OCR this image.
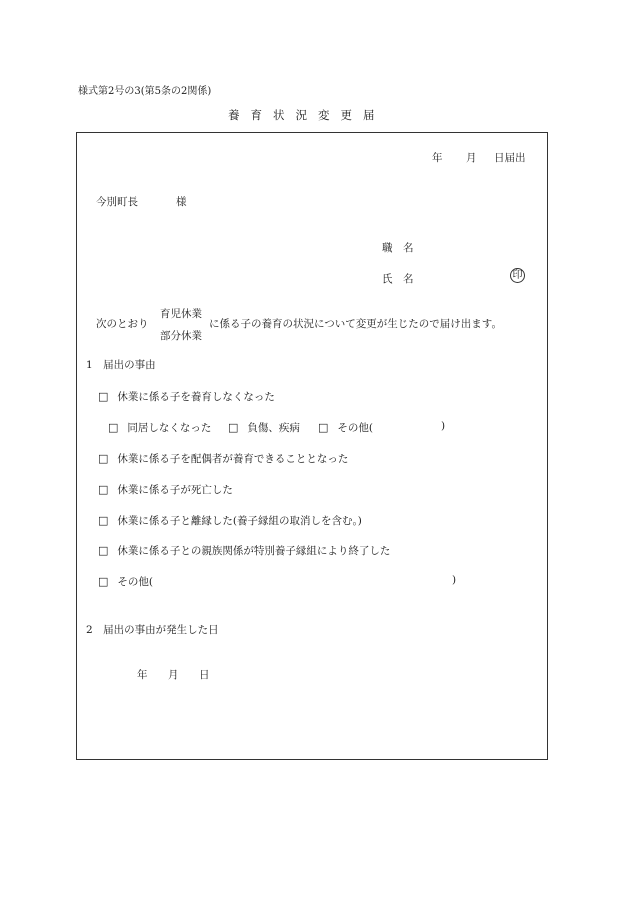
様式第2号の3(第5条の2関係)
養育状況変更届
年 月 日届出
今別町長	様
職　名
氏　名	印
次のとおり
育児休業
部分休業
に係る子の養育の状況について変更が生じたので届け出ます。
1　届出の事由
□ 休業に係る子を養育しなくなった
□ 同居しなくなった □ 負傷、疾病 □ その他(	)
□ 休業に係る子を配偶者が養育できることとなった
□ 休業に係る子が死亡した
□ 休業に係る子と離縁した(養子縁組の取消しを含む。)
□ 休業に係る子との親族関係が特別養子縁組により終了した
□ その他(	)
2　届出の事由が発生した日
年 月 日
